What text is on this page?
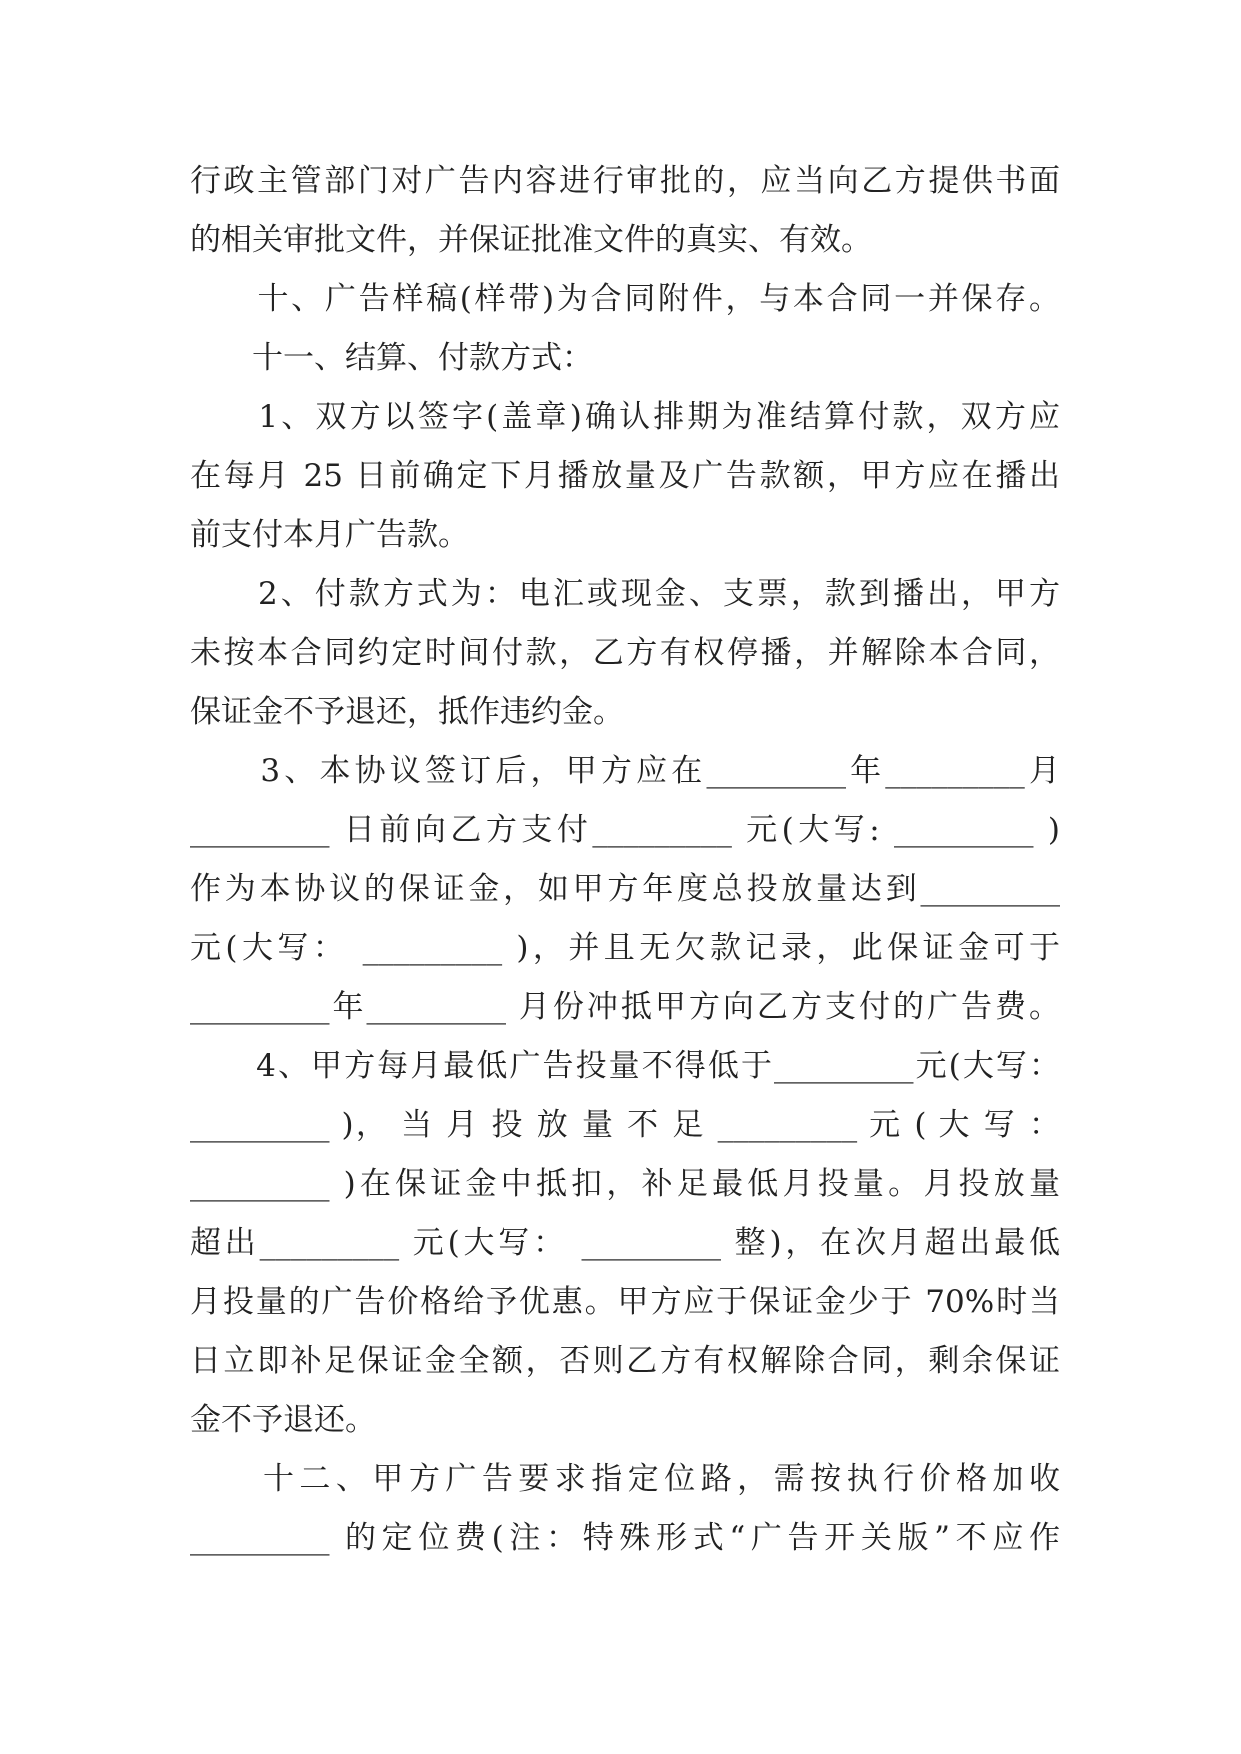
行政主管部门对广告内容进行审批的，应当向乙方提供书面
的相关审批文件，并保证批准文件的真实、有效。
　　十、广告样稿(样带)为合同附件，与本合同一并保存。
　　十一、结算、付款方式：
　　1、双方以签字(盖章)确认排期为准结算付款，双方应
在每月 25 日前确定下月播放量及广告款额，甲方应在播出
前支付本月广告款。
　　2、付款方式为：电汇或现金、支票，款到播出，甲方
未按本合同约定时间付款，乙方有权停播，并解除本合同，
保证金不予退还，抵作违约金。
　　3、本协议签订后，甲方应在_________年_________月
_________ 日前向乙方支付_________ 元(大写: _________ )
作为本协议的保证金，如甲方年度总投放量达到_________
元(大写： _________ )，并且无欠款记录，此保证金可于
_________年_________ 月份冲抵甲方向乙方支付的广告费。
　　4、甲方每月最低广告投量不得低于_________元(大写：
_________ )， 当 月 投 放 量 不 足 _________ 元 ( 大 写 ：
_________ )在保证金中抵扣，补足最低月投量。月投放量
超出_________ 元(大写： _________ 整)，在次月超出最低
月投量的广告价格给予优惠。甲方应于保证金少于 70%时当
日立即补足保证金全额，否则乙方有权解除合同，剩余保证
金不予退还。
　　十二、甲方广告要求指定位路，需按执行价格加收
_________ 的定位费(注：特殊形式“广告开关版”不应作
